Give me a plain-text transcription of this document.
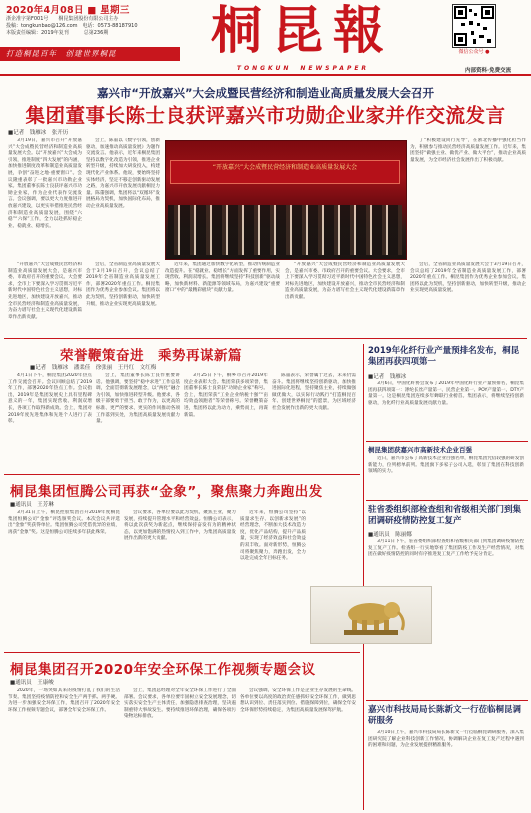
2020年4月08日 ■ 星期三
浙企准字第F001号　　桐昆集团股份有限公司主办
投稿：tongkunbao@126.com　电话：0573-88187910
本版责任编辑：2019年复刊　　　总第236期
打造桐昆百年　创建世界桐昆	桐昆報
TONGKUN　NEWSPAPER
微信公众号 ●
内部资料·免费交流
嘉兴市“开放嘉兴”大会成暨民营经济和制造业高质量发展大会召开
集团董事长陈士良获评嘉兴市功勋企业家并作交流发言
■记者　钱雁冰　张开历
3月19日，嘉兴市召开“开放嘉兴”大会成暨民营经济和制造业高质量发展大会。以“开放嘉兴”大会成为引领，推进制度“四大发展”的内涵，加快推进制度改革和制造业高质量发展，争创“奋进之地·重要窗口”。会议隆重表彰了一批嘉兴市功勋企业家。集团董事长陈士良获评嘉兴市功勋企业家，作为企业代表作交流发言。会议强调，要以更大力度推进开放嘉兴建设，以更实举措推进民营经济和制造业高质量发展，围绕“六稳”“六保”工作，全力以赴抓好稳企业、稳就业、稳增长。
会上，陈董以《数字引领，创新驱动，加速推动高质量发展》为题作交流发言。他表示，近年来桐昆集团坚持以数字化改造为引领，推进企业转型升级，持续加大研发投入，构建现代化产业体系。他说，要始终坚持实体经济，坚定不移走创新驱动发展之路，为嘉兴市开放发展贡献桐昆力量。陈董强调，集团将以“双循环”发展格局为契机，加快国际化布局，推动企业高质量发展。
“开放嘉兴”大会成暨民营经济和制造业高质量发展大会
了“积极建设同行先导”，在浙北传播中强化担当作为，积极参与推动民营经济高质量发展工作。近年来，集团坚持“做强主业、做优产业、做大平台”，推动企业高质量发展，为全市经济社会发展作出了积极贡献。
“开放嘉兴”大会成暨民营经济和制造业高质量发展大会，是嘉兴市委、市政府召开的重要会议。大会要求，全市上下要深入学习贯彻习近平新时代中国特色社会主义思想，对标先进地区，加快建设开放嘉兴，推动全市民营经济和制造业高质量发展，为奋力谱写社会主义现代化建设新篇章作出新贡献。
会后，全省制造业高质量发展大会于3月19日召开，会议总结了2019年全省制造业高质量发展工作，部署2020年重点工作。桐昆集团作为优秀企业参加会议。集团将以此为契机，坚持创新驱动，加快转型升级，推动企业实现更高质量发展。
近年来，集团通过加快数字化转型，推动传统制造业改造提升。在“稳就业、稳增长”方面发挥了重要作用，实现营收、利润双增长。集团将继续坚持“科技创新”驱动战略，加快新材料、新能源等领域布局，为嘉兴建设“重要窗口”中的“最精彩板块”贡献力量。
“开放嘉兴”大会成暨民营经济和制造业高质量发展大会，是嘉兴市委、市政府召开的重要会议。大会要求，全市上下要深入学习贯彻习近平新时代中国特色社会主义思想，对标先进地区，加快建设开放嘉兴，推动全市民营经济和制造业高质量发展，为奋力谱写社会主义现代化建设新篇章作出新贡献。
会后，全省制造业高质量发展大会于3月19日召开，会议总结了2019年全省制造业高质量发展工作，部署2020年重点工作。桐昆集团作为优秀企业参加会议。集团将以此为契机，坚持创新驱动，加快转型升级，推动企业实现更高质量发展。
荣誉鞭策奋进　乘势再谋新篇
■记者　钱雁冰　潘柔佳　徐张丽　王丹红　文红梅
4月1日下午，桐昆集团2020年热点工作交流会召开。会议回顾总结了2019年工作，部署2020年热点工作。会议指出，2019年是集团发展史上具有里程碑意义的一年，集团实现营收、利润双增长，各项工作取得新成效。会上，集团对2019年度先进集体和先进个人进行了表彰。
会上，集团董事长陈士良作重要讲话。他强调，要坚持“稳中求进”工作总基调，全面贯彻新发展理念，以“两化”融合为引领，加快推进转型升级。他要求，各级干部要勇于担当、敢于作为，以更高的标准、更严的要求、更实的作风推动各项工作落到实处，为集团高质量发展贡献力量。
3月25日下午，桐乡市召开2019年度企业表彰大会。集团荣获多项荣誉，集团董事长陈士良荣获“功勋企业家”称号。会上，集团荣获“工业企业纳税十强”“亩均效益领跑者”等荣誉称号。荣誉鞭策奋进，集团将以此为动力，乘势而上，再谋新篇。
陈董表示，荣誉属于过去，未来仍需奋斗。集团将继续坚持创新驱动，加快推进国际化进程，坚持聚焦主业，持续做强做优做大，以实际行动践行“打造桐昆百年、创建世界桐昆”的愿景，为区域经济社会发展作出新的更大贡献。
桐昆集团恒腾公司再获“金象”，聚焦聚力奔跑出发
■通讯员　王芳琳
3月31日上午，桐昆控股集团召开2019年度桐昆集团恒腾公司“金象”评选颁奖会议。本次会议共评选出“金象”奖获得单位。集团恒腾公司凭借优异的业绩，再获“金象”奖。这是恒腾公司连续多年获此殊荣。
会议要求，各单位要以此为契机，聚焦主业，聚力发展，持续提升管理水平和经营效益。恒腾公司表示，将以此次获奖为新起点，继续保持奋发有为的精神状态，以更加饱满的热情投入到工作中，为集团高质量发展作出新的更大贡献。
近年来，恒腾公司坚持“以质量求生存、以创新求发展”的经营理念，不断加大技术改造力度，优化产品结构，提升产品质量，实现了经济效益和社会效益的双丰收。面对新形势，恒腾公司将聚焦聚力，奔跑出发，全力以赴完成全年目标任务。
桐昆集团召开2020年安全环保工作视频专题会议
■通讯员　王康峻
2020年，一场突如其来的疫情打乱了我们的生活节奏。集团坚持疫情防控和安全生产两手抓、两手硬。为进一步加强安全环保工作，集团召开了2020年安全环保工作视频专题会议，部署全年安全环保工作。
会上，集团总经理对全年安全环保工作进行了全面部署。会议要求，各单位要牢固树立安全发展理念，切实落实安全生产主体责任，加强隐患排查治理，坚决遏制重特大事故发生。要持续推进环保治理，确保各项污染物达标排放。
会议强调，安全环保工作是企业生存发展的生命线。各单位要以高度的政治责任感抓好安全环保工作，做到思想认识到位、责任落实到位、措施保障到位，确保全年安全环保形势持续稳定，为集团高质量发展保驾护航。
2019年化纤行业产量预排名发布，桐昆集团再获四项第一
■记者　钱雁冰
3月6日，中国化纤协会发布了2019年中国化纤行业产量预排名，桐昆集团再获四项第一：涤纶长丝产量第一、民营企业第一、POY产量第一、DTY产量第一。这是桐昆集团连续多年蝉联行业榜首。集团表示，将继续坚持创新驱动，为化纤行业高质量发展贡献力量。
桐昆集团获嘉兴市高新技术企业百强
近日，嘉兴市公布了高新技术企业百强名单，桐昆集团凭借较强的研发创新能力，位列榜单前列。集团旗下多家子公司入选，彰显了集团在科技创新领域的实力。
驻省委组织部检查组和省级相关部门到集团调研疫情防控复工复产
■通讯员　陈丽娜
3月11日下午，驻省委组织部检查组和省级相关部门到集团调研疫情防控复工复产工作。检查组一行实地察看了集团防疫工作及生产经营情况，对集团在做好疫情防控的同时有序推进复工复产工作给予充分肯定。
嘉兴市科技局局长陈新文一行莅临桐昆调研服务
3月10日上午，嘉兴市科技局局长陈新文一行莅临桐昆调研服务，深入集团研究院了解企业科技创新工作情况，协调解决企业在复工复产过程中遇到的困难和问题，为企业发展提供精准服务。
